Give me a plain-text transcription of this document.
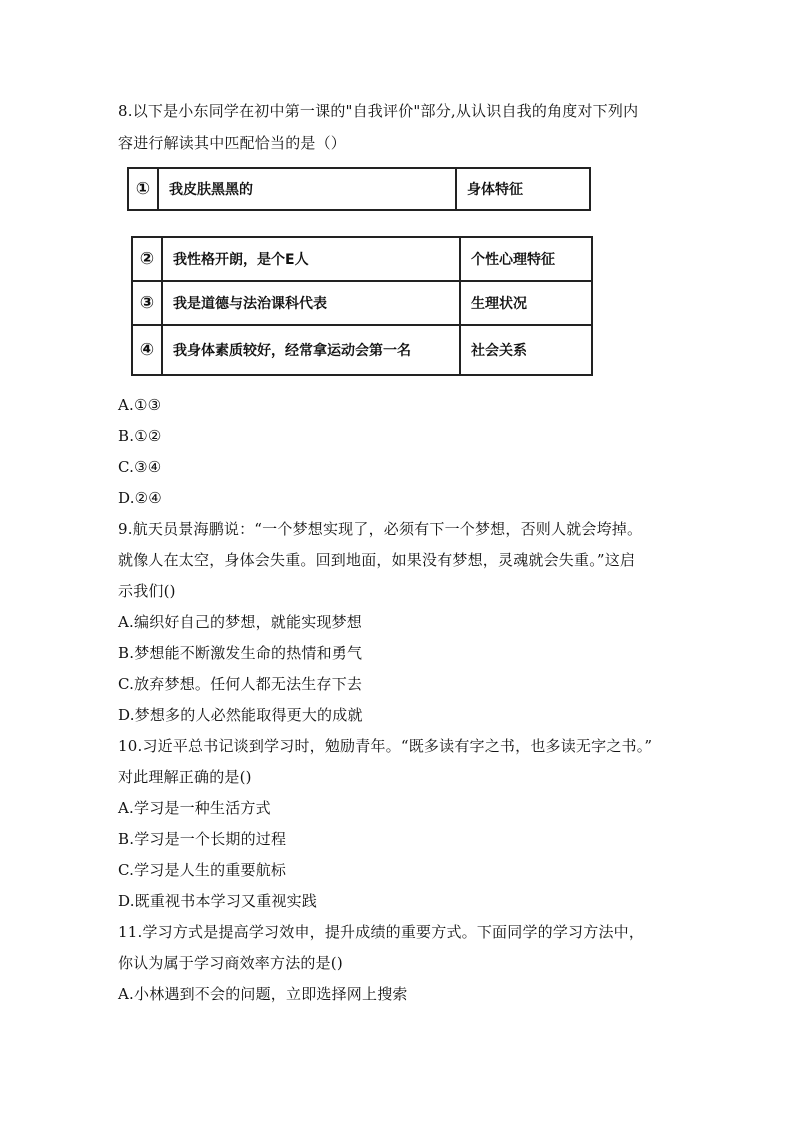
8.以下是小东同学在初中第一课的"自我评价"部分,从认识自我的角度对下列内
容进行解读其中匹配恰当的是（）
①	我皮肤黑黑的	身体特征
②	我性格开朗，是个E人	个性心理特征
③	我是道德与法治课科代表	生理状况
④	我身体素质较好，经常拿运动会第一名	社会关系
A.①③
B.①②
C.③④
D.②④
9.航天员景海鹏说：“一个梦想实现了，必须有下一个梦想，否则人就会垮掉。
就像人在太空，身体会失重。回到地面，如果没有梦想，灵魂就会失重。”这启
示我们()
A.编织好自己的梦想，就能实现梦想
B.梦想能不断激发生命的热情和勇气
C.放弃梦想。任何人都无法生存下去
D.梦想多的人必然能取得更大的成就
10.习近平总书记谈到学习时，勉励青年。“既多读有字之书，也多读无字之书。”
对此理解正确的是()
A.学习是一种生活方式
B.学习是一个长期的过程
C.学习是人生的重要航标
D.既重视书本学习又重视实践
11.学习方式是提高学习效申，提升成绩的重要方式。下面同学的学习方法中，
你认为属于学习商效率方法的是()
A.小林遇到不会的问题，立即选择网上搜索
